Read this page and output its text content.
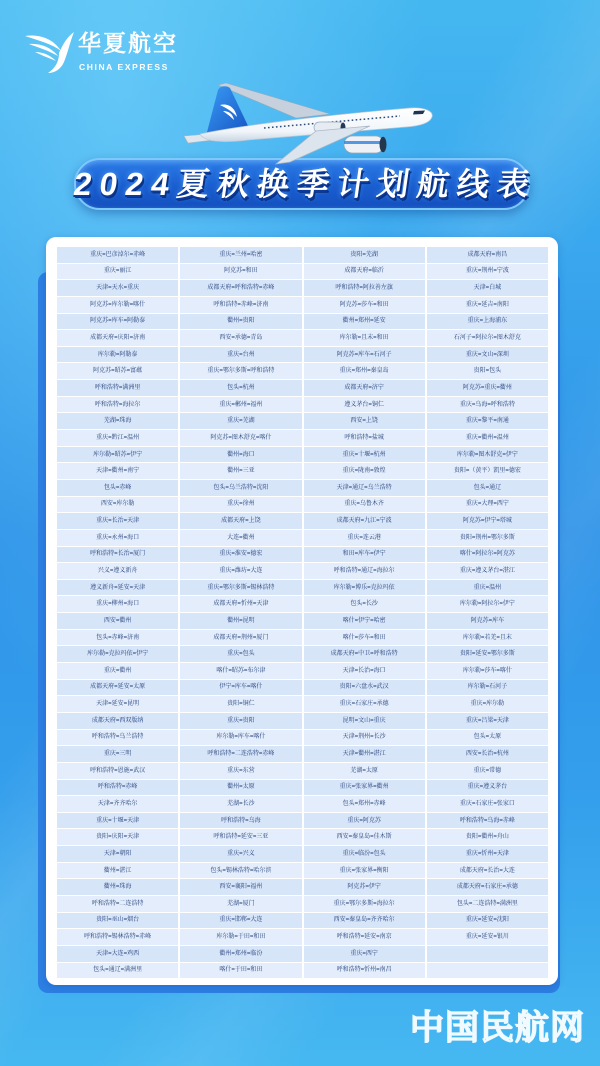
华夏航空
CHINA EXPRESS
2024夏秋换季计划航线表
重庆=巴彦淖尔=赤峰	重庆=兰州=哈密	贵阳=芜湖	成都天府=南昌
重庆=丽江	阿克苏=和田	成都天府=临沂	重庆=荆州=宁波
天津=天水=重庆	成都天府=呼和浩特=赤峰	呼和浩特=阿拉善左旗	天津=白城
阿克苏=库尔勒=喀什	呼和浩特=赤峰=济南	阿克苏=莎车=和田	重庆=延吉=南阳
阿克苏=库车=阿勒泰	衢州=贵阳	衢州=郑州=延安	重庆=上海浦东
成都天府=庆阳=济南	西安=承德=青岛	库尔勒=且末=和田	石河子=阿拉尔=图木舒克
库尔勒=阿勒泰	重庆=台州	阿克苏=库车=石河子	重庆=文山=深圳
阿克苏=昭苏=富蕴	重庆=鄂尔多斯=呼和浩特	重庆=郑州=秦皇岛	贵阳=包头
呼和浩特=满洲里	包头=杭州	成都天府=济宁	阿克苏=重庆=衢州
呼和浩特=海拉尔	重庆=郴州=福州	遵义茅台=铜仁	重庆=乌海=呼和浩特
芜湖=珠海	重庆=芜湖	西安=上饶	重庆=黎平=南通
重庆=黔江=温州	阿克苏=图木舒克=喀什	呼和浩特=盐城	重庆=衢州=温州
库尔勒=昭苏=伊宁	衢州=海口	重庆=十堰=杭州	库尔勒=图木舒克=伊宁
天津=衢州=南宁	衢州=三亚	重庆=陇南=敦煌	贵阳=（黄平）凯里=德宏
包头=赤峰	包头=乌兰浩特=沈阳	天津=通辽=乌兰浩特	包头=通辽
西安=库尔勒	重庆=徐州	重庆=乌鲁木齐	重庆=大理=西宁
重庆=长治=天津	成都天府=上饶	成都天府=九江=宁波	阿克苏=伊宁=塔城
重庆=永州=海口	大连=衢州	重庆=连云港	贵阳=荆州=鄂尔多斯
呼和浩特=长治=厦门	重庆=淮安=德宏	和田=库车=伊宁	喀什=阿拉尔=阿克苏
兴义=遵义新舟	重庆=潍坊=大连	呼和浩特=通辽=海拉尔	重庆=遵义茅台=湛江
遵义新舟=延安=天津	重庆=鄂尔多斯=锡林浩特	库尔勒=博乐=克拉玛依	重庆=温州
重庆=柳州=海口	成都天府=忻州=天津	包头=长沙	库尔勒=阿拉尔=伊宁
西安=衢州	衢州=昆明	喀什=伊宁=哈密	阿克苏=库车
包头=赤峰=济南	成都天府=荆州=厦门	喀什=莎车=和田	库尔勒=若羌=且末
库尔勒=克拉玛依=伊宁	重庆=包头	成都天府=中卫=呼和浩特	贵阳=延安=鄂尔多斯
重庆=衢州	喀什=昭苏=布尔津	天津=长治=海口	库尔勒=莎车=喀什
成都天府=延安=太原	伊宁=库车=喀什	贵阳=六盘水=武汉	库尔勒=石河子
天津=延安=昆明	贵阳=铜仁	重庆=石家庄=承德	重庆=库尔勒
成都天府=西双版纳	重庆=贵阳	昆明=文山=重庆	重庆=吕梁=天津
呼和浩特=乌兰浩特	库尔勒=库车=喀什	天津=荆州=长沙	包头=太原
重庆=三明	呼和浩特=二连浩特=赤峰	天津=衢州=湛江	西安=长治=杭州
呼和浩特=恩施=武汉	重庆=东营	芜湖=太原	重庆=常德
呼和浩特=赤峰	衢州=太原	重庆=张家界=衢州	重庆=遵义茅台
天津=齐齐哈尔	芜湖=长沙	包头=郑州=赤峰	重庆=石家庄=张家口
重庆=十堰=天津	呼和浩特=乌海	重庆=阿克苏	呼和浩特=乌海=赤峰
贵阳=庆阳=天津	呼和浩特=延安=三亚	西安=秦皇岛=佳木斯	贵阳=衢州=舟山
天津=朝阳	重庆=兴义	重庆=临汾=包头	重庆=忻州=天津
衢州=湛江	包头=锡林浩特=哈尔滨	重庆=张家界=衡阳	成都天府=长治=大连
衢州=珠海	西安=襄阳=福州	阿克苏=伊宁	成都天府=石家庄=承德
呼和浩特=二连浩特	芜湖=厦门	重庆=鄂尔多斯=海拉尔	包头=二连浩特=满洲里
贵阳=巫山=烟台	重庆=邯郸=大连	西安=秦皇岛=齐齐哈尔	重庆=延安=沈阳
呼和浩特=锡林浩特=赤峰	库尔勒=于田=和田	呼和浩特=延安=南京	重庆=延安=银川
天津=大连=鸡西	衢州=郑州=临汾	重庆=西宁
包头=通辽=满洲里	喀什=于田=和田	呼和浩特=忻州=南昌
中国民航网
